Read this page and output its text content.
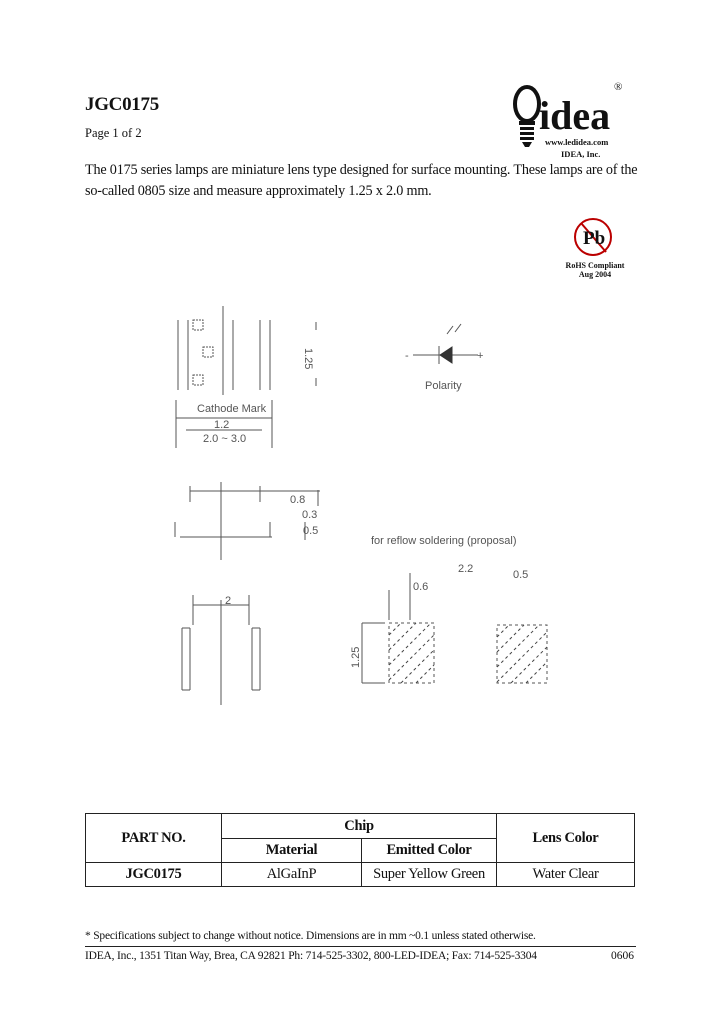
JGC0175
Page 1 of 2
The 0175 series lamps are miniature lens type designed for surface mounting. These lamps are of the so-called 0805 size and measure approximately 1.25 x 2.0 mm.
idea
®
www.ledidea.com
IDEA, Inc.
Pb
RoHS Compliant
Aug 2004
Cathode Mark
1.2
2.0 ~ 3.0
1.25
Polarity
-	+
0.8
0.5
0.3
for reflow soldering (proposal)
2
2.2
0.6
0.5
1.25
PART NO.	Chip		Lens Color
	Material	Emitted Color	
JGC0175	AlGaInP	Super Yellow Green	Water Clear
* Specifications subject to change without notice. Dimensions are in mm ~0.1 unless stated otherwise.
IDEA, Inc., 1351 Titan Way, Brea, CA 92821 Ph: 714-525-3302, 800-LED-IDEA; Fax: 714-525-3304	0606
